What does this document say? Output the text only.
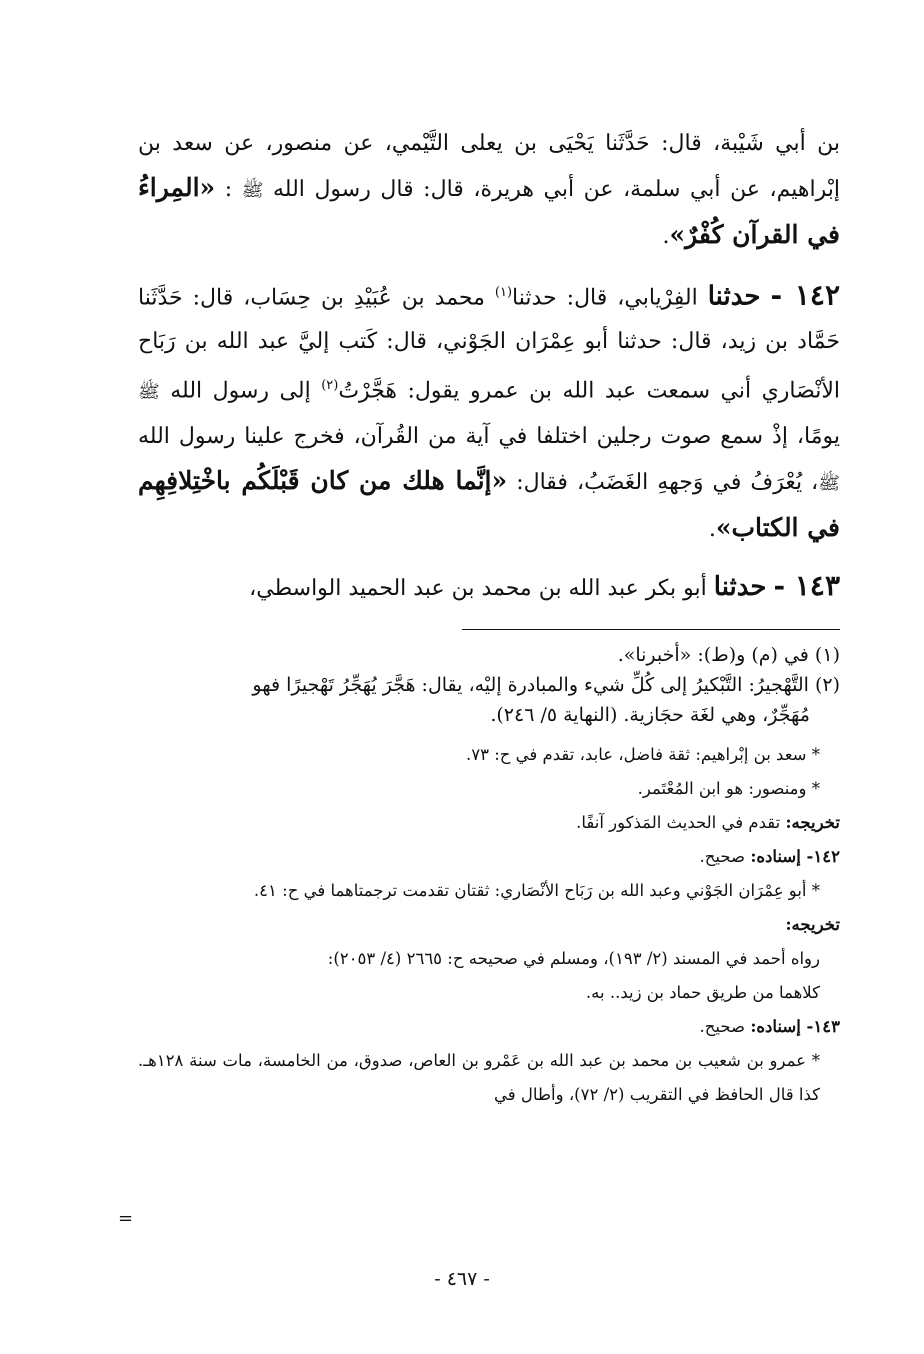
بن أبي شَيْبة، قال: حَدَّثَنا يَحْيَى بن يعلى التَّيْمي، عن منصور، عن سعد بن إبْراهيم، عن أبي سلمة، عن أبي هريرة، قال: قال رسول الله ﷺ : «المِراءُ في القرآن كُفْرٌ».

١٤٢ - حدثنا الفِرْيابي، قال: حدثنا$^{(١)}$ محمد بن عُبَيْدِ بن حِسَاب، قال: حَدَّثَنا حَمَّاد بن زيد، قال: حدثنا أبو عِمْرَان الجَوْني، قال: كَتب إليَّ عبد الله بن رَبَاح الأنْصَاري أني سمعت عبد الله بن عمرو يقول: هَجَّرْتُ$^{(٢)}$ إلى رسول الله ﷺ يومًا، إذْ سمع صوت رجلين اختلفا في آية من القُرآن، فخرج علينا رسول الله ﷺ، يُعْرَفُ في وَجههِ الغَضَبُ، فقال: «إنَّما هلك من كان قَبْلَكُم باخْتِلافِهِم في الكتاب».

١٤٣ - حدثنا أبو بكر عبد الله بن محمد بن عبد الحميد الواسطي،

(١) في (م) و(ط): «أخبرنا».

(٢) التَّهْجيرُ: التَّبْكيرُ إلى كُلِّ شيء والمبادرة إليْه، يقال: هَجَّرَ يُهَجِّرُ تَهْجيرًا فهو

مُهَجِّرٌ، وهي لغَة حجَازية. (النهاية ٥/ ٢٤٦).

* سعد بن إبْراهيم: ثقة فاضل، عابد، تقدم في ح: ٧٣.

* ومنصور: هو ابن المُعْتَمر.

تخريجه: تقدم في الحديث المَذكور آنفًا.

١٤٢- إسناده: صحيح.

* أبو عِمْرَان الجَوْني وعبد الله بن رَبَاح الأنْصَاري: ثقتان تقدمت ترجمتاهما في ح: ٤١.

تخريجه:

رواه أحمد في المسند (٢/ ١٩٣)، ومسلم في صحيحه ح: ٢٦٦٥ (٤/ ٢٠٥٣):

كلاهما من طريق حماد بن زيد.. به.

١٤٣- إسناده: صحيح.

* عمرو بن شعيب بن محمد بن عبد الله بن عَمْرو بن العاص، صدوق، من الخامسة، مات سنة ١٢٨هـ. كذا قال الحافظ في التقريب (٢/ ٧٢)، وأطال في

=
- ٤٦٧ -
